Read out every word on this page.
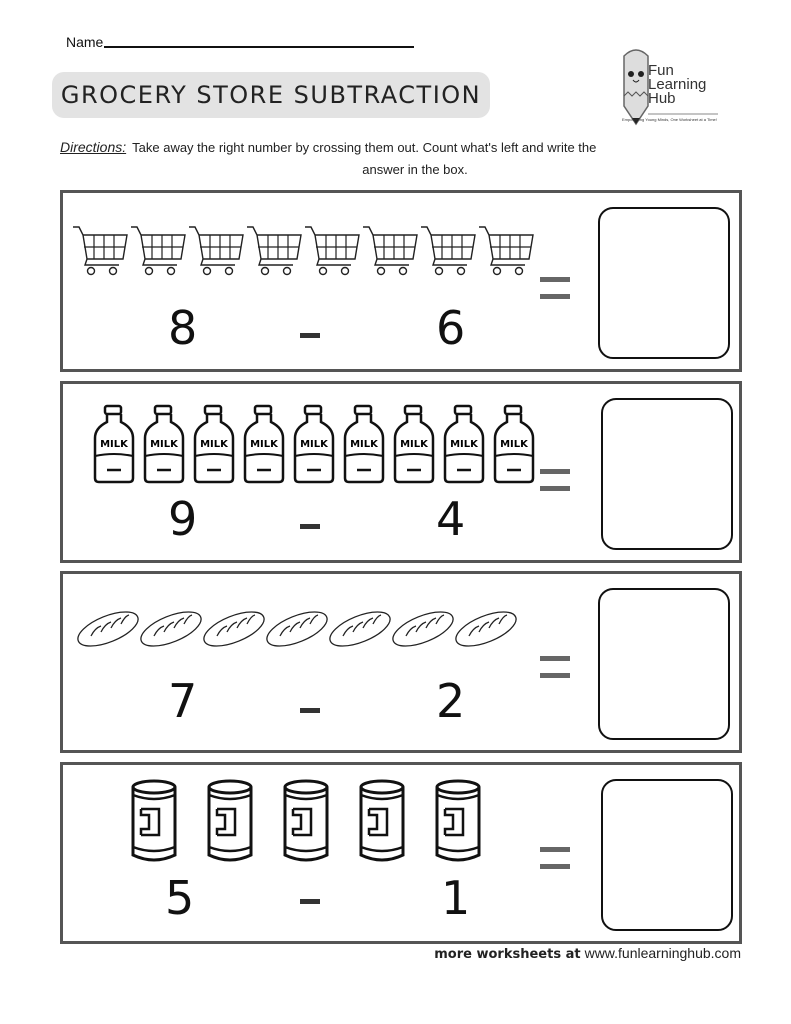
Name
GROCERY STORE SUBTRACTION
Fun
Learning
Hub
Empowering Young Minds, One Worksheet at a Time!
Directions: Take away the right number by crossing them out. Count what's left and write the
answer in the box.
8	6
MILK MILK MILK MILK MILK MILK MILK MILK MILK
9	4
7	2
5	1
more worksheets at www.funlearninghub.com
